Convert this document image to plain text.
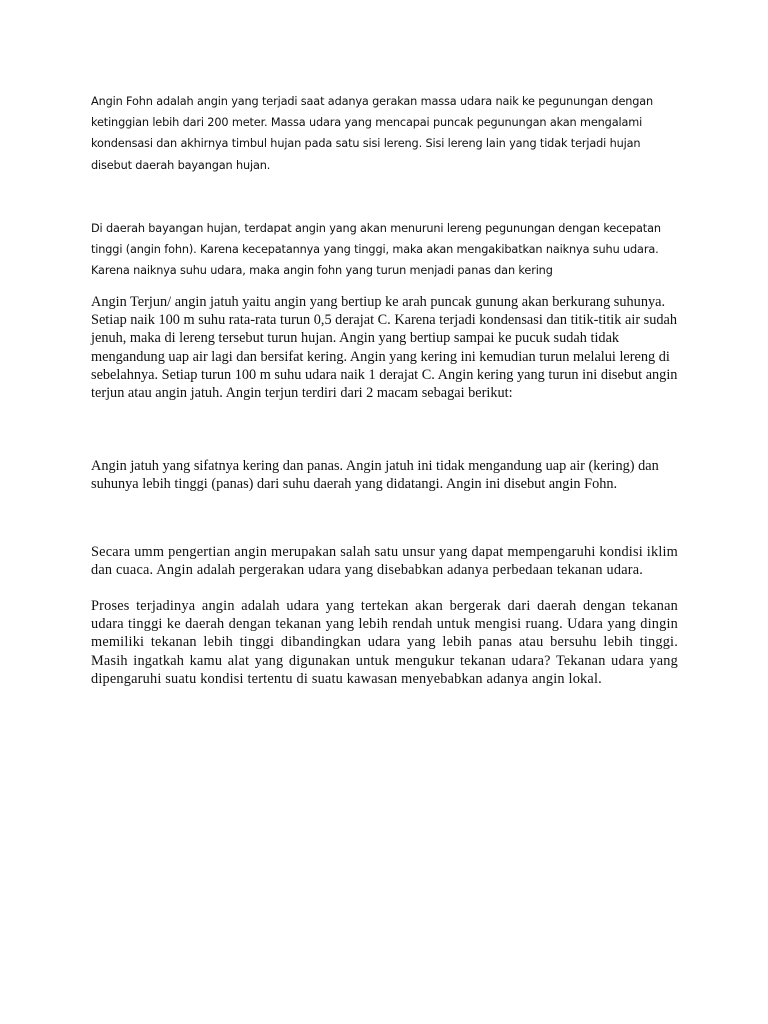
Angin Fohn adalah angin yang terjadi saat adanya gerakan massa udara naik ke pegunungan dengan ketinggian lebih dari 200 meter. Massa udara yang mencapai puncak pegunungan akan mengalami kondensasi dan akhirnya timbul hujan pada satu sisi lereng. Sisi lereng lain yang tidak terjadi hujan disebut daerah bayangan hujan.

Di daerah bayangan hujan, terdapat angin yang akan menuruni lereng pegunungan dengan kecepatan tinggi (angin fohn). Karena kecepatannya yang tinggi, maka akan mengakibatkan naiknya suhu udara. Karena naiknya suhu udara, maka angin fohn yang turun menjadi panas dan kering

Angin Terjun/ angin jatuh yaitu angin yang bertiup ke arah puncak gunung akan berkurang suhunya. Setiap naik 100 m suhu rata-rata turun 0,5 derajat C. Karena terjadi kondensasi dan titik-titik air sudah jenuh, maka di lereng tersebut turun hujan. Angin yang bertiup sampai ke pucuk sudah tidak mengandung uap air lagi dan bersifat kering. Angin yang kering ini kemudian turun melalui lereng di sebelahnya. Setiap turun 100 m suhu udara naik 1 derajat C. Angin kering yang turun ini disebut angin terjun atau angin jatuh. Angin terjun terdiri dari 2 macam sebagai berikut:

Angin jatuh yang sifatnya kering dan panas. Angin jatuh ini tidak mengandung uap air (kering) dan suhunya lebih tinggi (panas) dari suhu daerah yang didatangi. Angin ini disebut angin Fohn.

Secara umm pengertian angin merupakan salah satu unsur yang dapat mempengaruhi kondisi iklim dan cuaca. Angin adalah pergerakan udara yang disebabkan adanya perbedaan tekanan udara.

Proses terjadinya angin adalah udara yang tertekan akan bergerak dari daerah dengan tekanan udara tinggi ke daerah dengan tekanan yang lebih rendah untuk mengisi ruang. Udara yang dingin memiliki tekanan lebih tinggi dibandingkan udara yang lebih panas atau bersuhu lebih tinggi. Masih ingatkah kamu alat yang digunakan untuk mengukur tekanan udara? Tekanan udara yang dipengaruhi suatu kondisi tertentu di suatu kawasan menyebabkan adanya angin lokal.
